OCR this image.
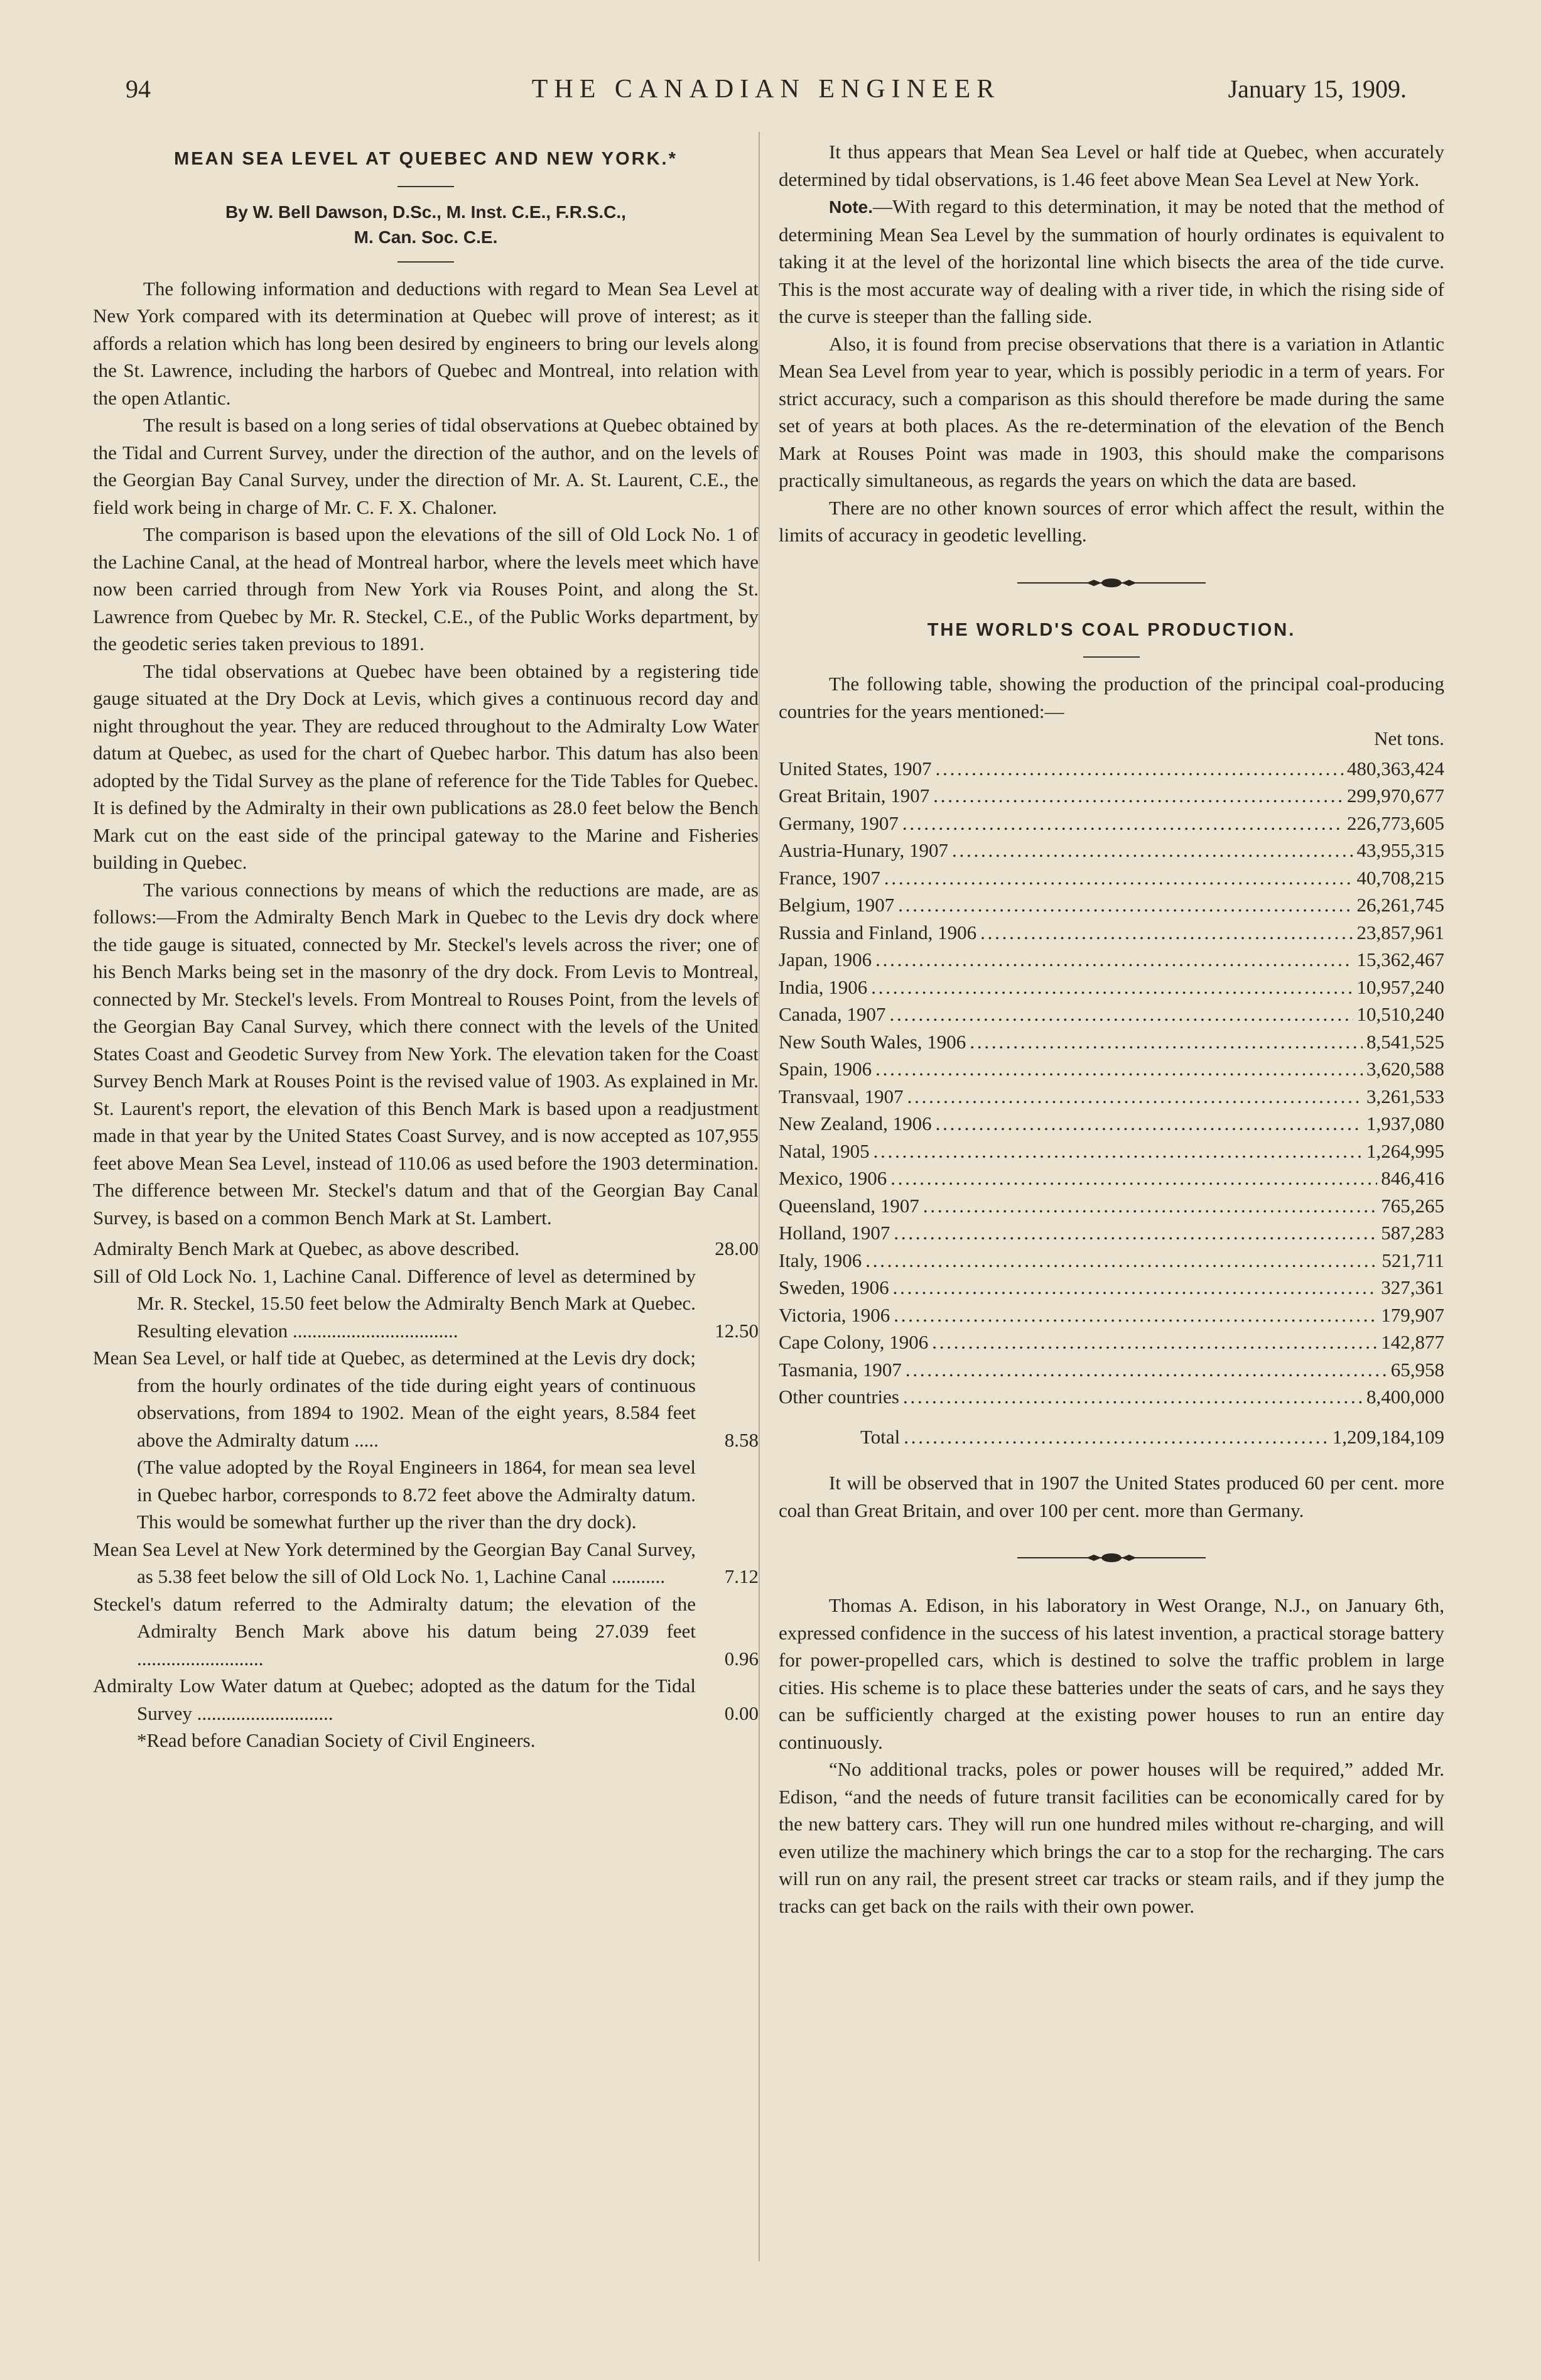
94	THE CANADIAN ENGINEER	January 15, 1909.
MEAN SEA LEVEL AT QUEBEC AND NEW YORK.*
By W. Bell Dawson, D.Sc., M. Inst. C.E., F.R.S.C.,
M. Can. Soc. C.E.

The following information and deductions with regard to Mean Sea Level at New York compared with its determination at Quebec will prove of interest; as it affords a relation which has long been desired by engineers to bring our levels along the St. Lawrence, including the harbors of Quebec and Montreal, into relation with the open Atlantic.

The result is based on a long series of tidal observations at Quebec obtained by the Tidal and Current Survey, under the direction of the author, and on the levels of the Georgian Bay Canal Survey, under the direction of Mr. A. St. Laurent, C.E., the field work being in charge of Mr. C. F. X. Chaloner.

The comparison is based upon the elevations of the sill of Old Lock No. 1 of the Lachine Canal, at the head of Montreal harbor, where the levels meet which have now been carried through from New York via Rouses Point, and along the St. Lawrence from Quebec by Mr. R. Steckel, C.E., of the Public Works department, by the geodetic series taken previous to 1891.

The tidal observations at Quebec have been obtained by a registering tide gauge situated at the Dry Dock at Levis, which gives a continuous record day and night throughout the year. They are reduced throughout to the Admiralty Low Water datum at Quebec, as used for the chart of Quebec harbor. This datum has also been adopted by the Tidal Survey as the plane of reference for the Tide Tables for Quebec. It is defined by the Admiralty in their own publications as 28.0 feet below the Bench Mark cut on the east side of the principal gateway to the Marine and Fisheries building in Quebec.

The various connections by means of which the reductions are made, are as follows:—From the Admiralty Bench Mark in Quebec to the Levis dry dock where the tide gauge is situated, connected by Mr. Steckel's levels across the river; one of his Bench Marks being set in the masonry of the dry dock. From Levis to Montreal, connected by Mr. Steckel's levels. From Montreal to Rouses Point, from the levels of the Georgian Bay Canal Survey, which there connect with the levels of the United States Coast and Geodetic Survey from New York. The elevation taken for the Coast Survey Bench Mark at Rouses Point is the revised value of 1903. As explained in Mr. St. Laurent's report, the elevation of this Bench Mark is based upon a readjustment made in that year by the United States Coast Survey, and is now accepted as 107,955 feet above Mean Sea Level, instead of 110.06 as used before the 1903 determination. The difference between Mr. Steckel's datum and that of the Georgian Bay Canal Survey, is based on a common Bench Mark at St. Lambert.

Admiralty Bench Mark at Quebec, as above described.	28.00
Sill of Old Lock No. 1, Lachine Canal. Difference of level as determined by Mr. R. Steckel, 15.50 feet below the Admiralty Bench Mark at Quebec. Resulting elevation ..................................	12.50
Mean Sea Level, or half tide at Quebec, as determined at the Levis dry dock; from the hourly ordinates of the tide during eight years of continuous observations, from 1894 to 1902. Mean of the eight years, 8.584 feet above the Admiralty datum .....	8.58
(The value adopted by the Royal Engineers in 1864, for mean sea level in Quebec harbor, corresponds to 8.72 feet above the Admiralty datum. This would be somewhat further up the river than the dry dock).
Mean Sea Level at New York determined by the Georgian Bay Canal Survey, as 5.38 feet below the sill of Old Lock No. 1, Lachine Canal ...........	7.12
Steckel's datum referred to the Admiralty datum; the elevation of the Admiralty Bench Mark above his datum being 27.039 feet ..........................	0.96
Admiralty Low Water datum at Quebec; adopted as the datum for the Tidal Survey ............................	0.00
*Read before Canadian Society of Civil Engineers.

It thus appears that Mean Sea Level or half tide at Quebec, when accurately determined by tidal observations, is 1.46 feet above Mean Sea Level at New York.

Note.—With regard to this determination, it may be noted that the method of determining Mean Sea Level by the summation of hourly ordinates is equivalent to taking it at the level of the horizontal line which bisects the area of the tide curve. This is the most accurate way of dealing with a river tide, in which the rising side of the curve is steeper than the falling side.

Also, it is found from precise observations that there is a variation in Atlantic Mean Sea Level from year to year, which is possibly periodic in a term of years. For strict accuracy, such a comparison as this should therefore be made during the same set of years at both places. As the re-determination of the elevation of the Bench Mark at Rouses Point was made in 1903, this should make the comparisons practically simultaneous, as regards the years on which the data are based.

There are no other known sources of error which affect the result, within the limits of accuracy in geodetic levelling.

THE WORLD'S COAL PRODUCTION.

The following table, showing the production of the principal coal-producing countries for the years mentioned:—

Net tons.
United States, 1907 . . .	480,363,424
Great Britain, 1907 . . .	299,970,677
Germany, 1907 . . .	226,773,605
Austria-Hunary, 1907 . . .	43,955,315
France, 1907 . . .	40,708,215
Belgium, 1907 . . .	26,261,745
Russia and Finland, 1906 . . .	23,857,961
Japan, 1906 . . .	15,362,467
India, 1906 . . .	10,957,240
Canada, 1907 . . .	10,510,240
New South Wales, 1906 . . .	8,541,525
Spain, 1906 . . .	3,620,588
Transvaal, 1907 . . .	3,261,533
New Zealand, 1906 . . .	1,937,080
Natal, 1905 . . .	1,264,995
Mexico, 1906 . . .	846,416
Queensland, 1907 . . .	765,265
Holland, 1907 . . .	587,283
Italy, 1906 . . .	521,711
Sweden, 1906 . . .	327,361
Victoria, 1906 . . .	179,907
Cape Colony, 1906 . . .	142,877
Tasmania, 1907 . . .	65,958
Other countries . . .	8,400,000
Total . . .	1,209,184,109

It will be observed that in 1907 the United States produced 60 per cent. more coal than Great Britain, and over 100 per cent. more than Germany.

Thomas A. Edison, in his laboratory in West Orange, N.J., on January 6th, expressed confidence in the success of his latest invention, a practical storage battery for power-propelled cars, which is destined to solve the traffic problem in large cities. His scheme is to place these batteries under the seats of cars, and he says they can be sufficiently charged at the existing power houses to run an entire day continuously.

“No additional tracks, poles or power houses will be required,” added Mr. Edison, “and the needs of future transit facilities can be economically cared for by the new battery cars. They will run one hundred miles without re-charging, and will even utilize the machinery which brings the car to a stop for the recharging. The cars will run on any rail, the present street car tracks or steam rails, and if they jump the tracks can get back on the rails with their own power.
